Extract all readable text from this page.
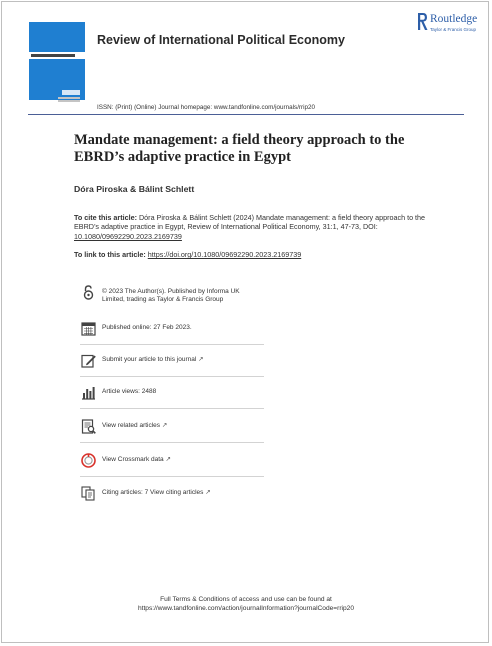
Review of International Political Economy
Routledge
Taylor & Francis Group
ISSN: (Print) (Online) Journal homepage: www.tandfonline.com/journals/rrip20
Mandate management: a field theory approach to the EBRD’s adaptive practice in Egypt
Dóra Piroska & Bálint Schlett
To cite this article: Dóra Piroska & Bálint Schlett (2024) Mandate management: a field theory approach to the EBRD’s adaptive practice in Egypt, Review of International Political Economy, 31:1, 47-73, DOI: 10.1080/09692290.2023.2169739
To link to this article: https://doi.org/10.1080/09692290.2023.2169739
© 2023 The Author(s). Published by Informa UK Limited, trading as Taylor & Francis Group
Published online: 27 Feb 2023.
Submit your article to this journal ↗
Article views: 2488
View related articles ↗
View Crossmark data ↗
Citing articles: 7 View citing articles ↗
Full Terms & Conditions of access and use can be found at
https://www.tandfonline.com/action/journalInformation?journalCode=rrip20
